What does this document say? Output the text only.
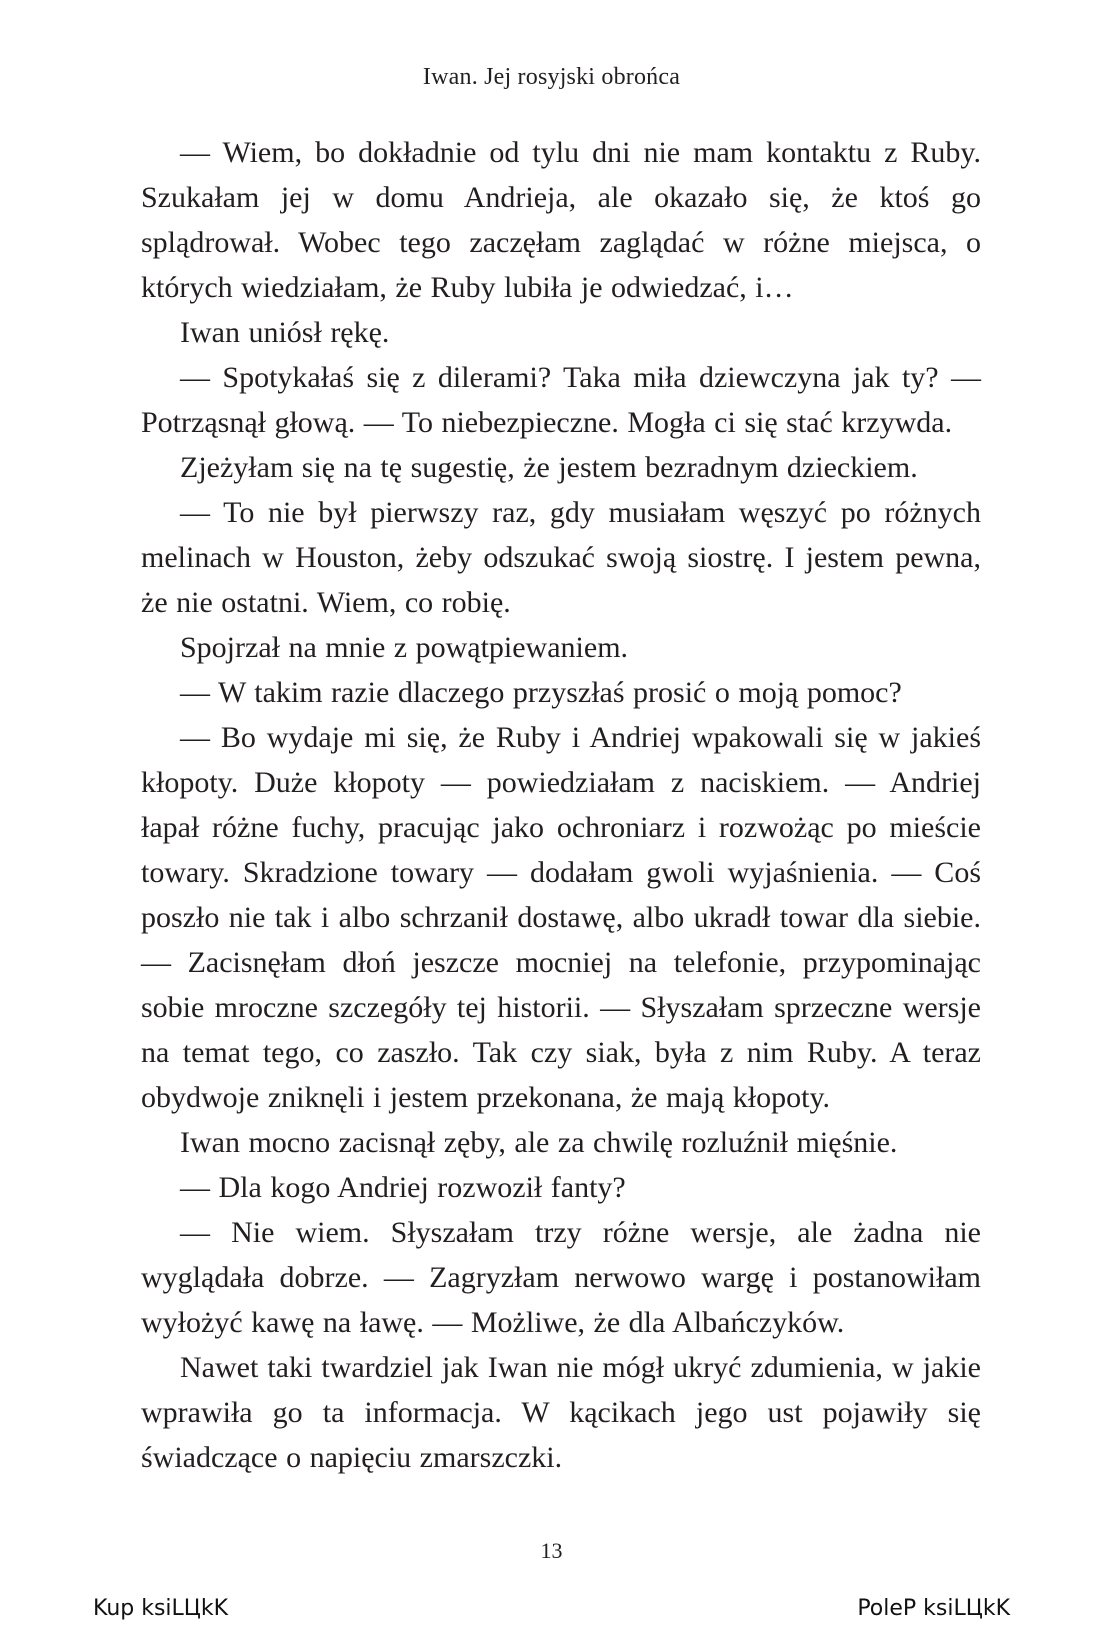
Iwan. Jej rosyjski obrońca

— Wiem, bo dokładnie od tylu dni nie mam kontaktu z Ruby. Szukałam jej w domu Andrieja, ale okazało się, że ktoś go splądrował. Wobec tego zaczęłam zaglądać w różne miejsca, o których wiedziałam, że Ruby lubiła je odwiedzać, i…

Iwan uniósł rękę.

— Spotykałaś się z dilerami? Taka miła dziewczyna jak ty? — Potrząsnął głową. — To niebezpieczne. Mogła ci się stać krzywda.

Zjeżyłam się na tę sugestię, że jestem bezradnym dzieckiem.

— To nie był pierwszy raz, gdy musiałam węszyć po różnych melinach w Houston, żeby odszukać swoją siostrę. I jestem pewna, że nie ostatni. Wiem, co robię.

Spojrzał na mnie z powątpiewaniem.

— W takim razie dlaczego przyszłaś prosić o moją pomoc?

— Bo wydaje mi się, że Ruby i Andriej wpakowali się w jakieś kłopoty. Duże kłopoty — powiedziałam z naciskiem. — Andriej łapał różne fuchy, pracując jako ochroniarz i rozwożąc po mieście towary. Skradzione towary — dodałam gwoli wyjaśnienia. — Coś poszło nie tak i albo schrzanił dostawę, albo ukradł towar dla siebie. — Zacisnęłam dłoń jeszcze mocniej na telefonie, przypominając sobie mroczne szczegóły tej historii. — Słyszałam sprzeczne wersje na temat tego, co zaszło. Tak czy siak, była z nim Ruby. A teraz obydwoje zniknęli i jestem przekonana, że mają kłopoty.

Iwan mocno zacisnął zęby, ale za chwilę rozluźnił mięśnie.

— Dla kogo Andriej rozwoził fanty?

— Nie wiem. Słyszałam trzy różne wersje, ale żadna nie wyglądała dobrze. — Zagryzłam nerwowo wargę i postanowiłam wyłożyć kawę na ławę. — Możliwe, że dla Albańczyków.

Nawet taki twardziel jak Iwan nie mógł ukryć zdumienia, w jakie wprawiła go ta informacja. W kącikach jego ust pojawiły się świadczące o napięciu zmarszczki.

13
Kup ksiLЦkK	PoleP ksiLЦkK
